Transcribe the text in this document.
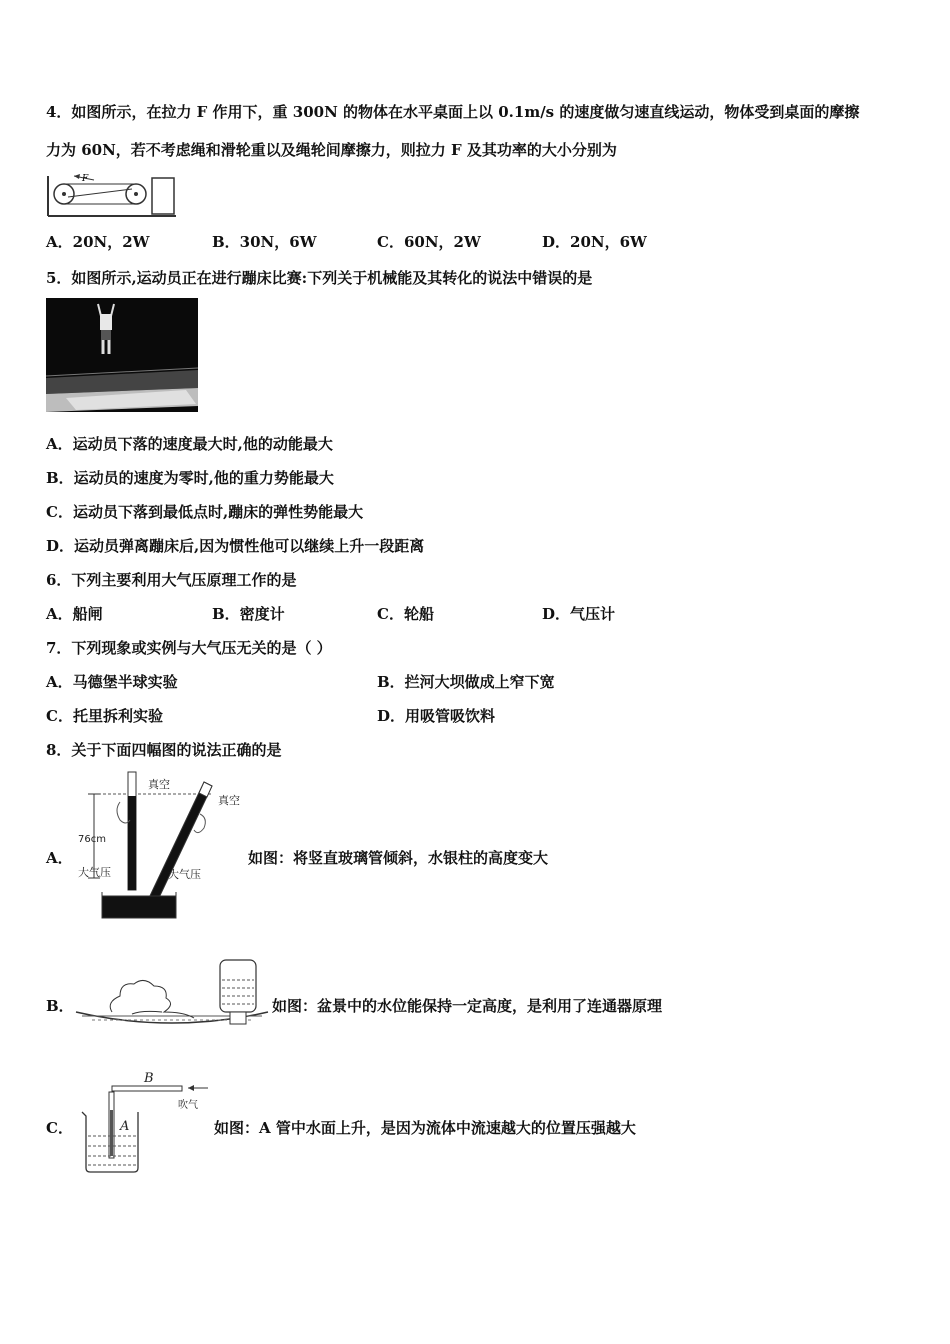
4．如图所示，在拉力 F 作用下，重 300N 的物体在水平桌面上以 0.1m/s 的速度做匀速直线运动，物体受到桌面的摩擦
力为 60N，若不考虑绳和滑轮重以及绳轮间摩擦力，则拉力 F 及其功率的大小分别为
F
A．20N，2W	B．30N，6W	C．60N，2W	D．20N，6W
5．如图所示,运动员正在进行蹦床比赛:下列关于机械能及其转化的说法中错误的是
A．运动员下落的速度最大时,他的动能最大
B．运动员的速度为零时,他的重力势能最大
C．运动员下落到最低点时,蹦床的弹性势能最大
D．运动员弹离蹦床后,因为惯性他可以继续上升一段距离
6．下列主要利用大气压原理工作的是
A．船闸	B．密度计	C．轮船	D．气压计
7．下列现象或实例与大气压无关的是（ ）
A．马德堡半球实验	B．拦河大坝做成上窄下宽
C．托里拆利实验	D．用吸管吸饮料
8．关于下面四幅图的说法正确的是
A．
76cm
真空
真空
大气压	大气压
如图：将竖直玻璃管倾斜，水银柱的高度变大
B．	如图：盆景中的水位能保持一定高度，是利用了连通器原理
C．
B
吹气
A	如图：A 管中水面上升，是因为流体中流速越大的位置压强越大
